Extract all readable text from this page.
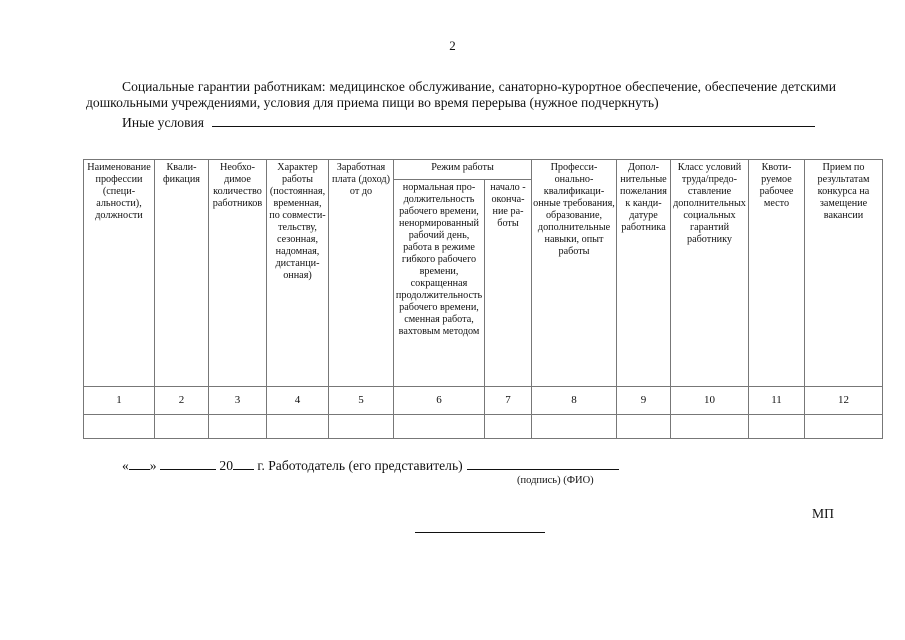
2
Социальные гарантии работникам: медицинское обслуживание, санаторно-курортное обеспечение, обеспечение детскими дошкольными учреждениями, условия для приема пищи во время перерыва (нужное подчеркнуть)
Иные условия
Наименование профессии (специальности), должности	Квалификация	Необходимое количество работников	Характер работы (постоянная, временная, по совместительству, сезонная, надомная, дистанционная)	Заработная плата (доход) от до	Режим работы		Профессионально-квалификационные требования, образование, дополнительные навыки, опыт работы	Дополнительные пожелания к кандидатуре работника	Класс условий труда/предоставление дополнительных социальных гарантий работнику	Квотируемое рабочее место	Прием по результатам конкурса на замещение вакансии
					нормальная продолжительность рабочего времени, ненормированный рабочий день, работа в режиме гибкого рабочего времени, сокращенная продолжительность рабочего времени, сменная работа, вахтовым методом	начало - окончание работы					
1	2	3	4	5	6	7	8	9	10	11	12

« »	20 г. Работодатель (его представитель)
(подпись) (ФИО)
МП
